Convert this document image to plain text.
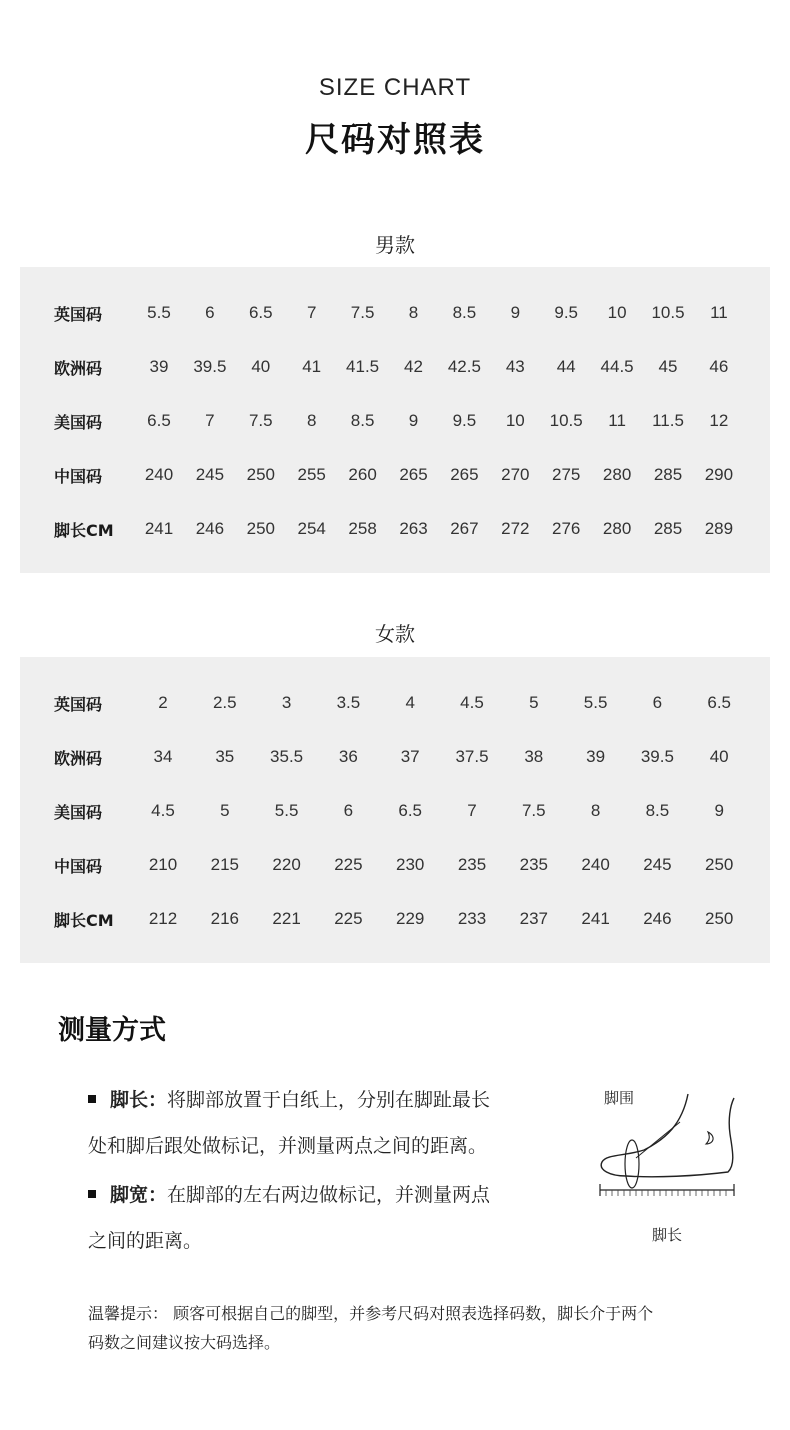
SIZE CHART
尺码对照表
男款
英国码	5.5	6	6.5	7	7.5	8	8.5	9	9.5	10	10.5	11
欧洲码	39	39.5	40	41	41.5	42	42.5	43	44	44.5	45	46
美国码	6.5	7	7.5	8	8.5	9	9.5	10	10.5	11	11.5	12
中国码	240	245	250	255	260	265	265	270	275	280	285	290
脚长CM	241	246	250	254	258	263	267	272	276	280	285	289
女款
英国码	2	2.5	3	3.5	4	4.5	5	5.5	6	6.5
欧洲码	34	35	35.5	36	37	37.5	38	39	39.5	40
美国码	4.5	5	5.5	6	6.5	7	7.5	8	8.5	9
中国码	210	215	220	225	230	235	235	240	245	250
脚长CM	212	216	221	225	229	233	237	241	246	250
测量方式
脚长：将脚部放置于白纸上，分别在脚趾最长
处和脚后跟处做标记，并测量两点之间的距离。
脚宽：在脚部的左右两边做标记，并测量两点
之间的距离。
脚围
脚长
温馨提示： 顾客可根据自己的脚型，并参考尺码对照表选择码数，脚长介于两个
码数之间建议按大码选择。
